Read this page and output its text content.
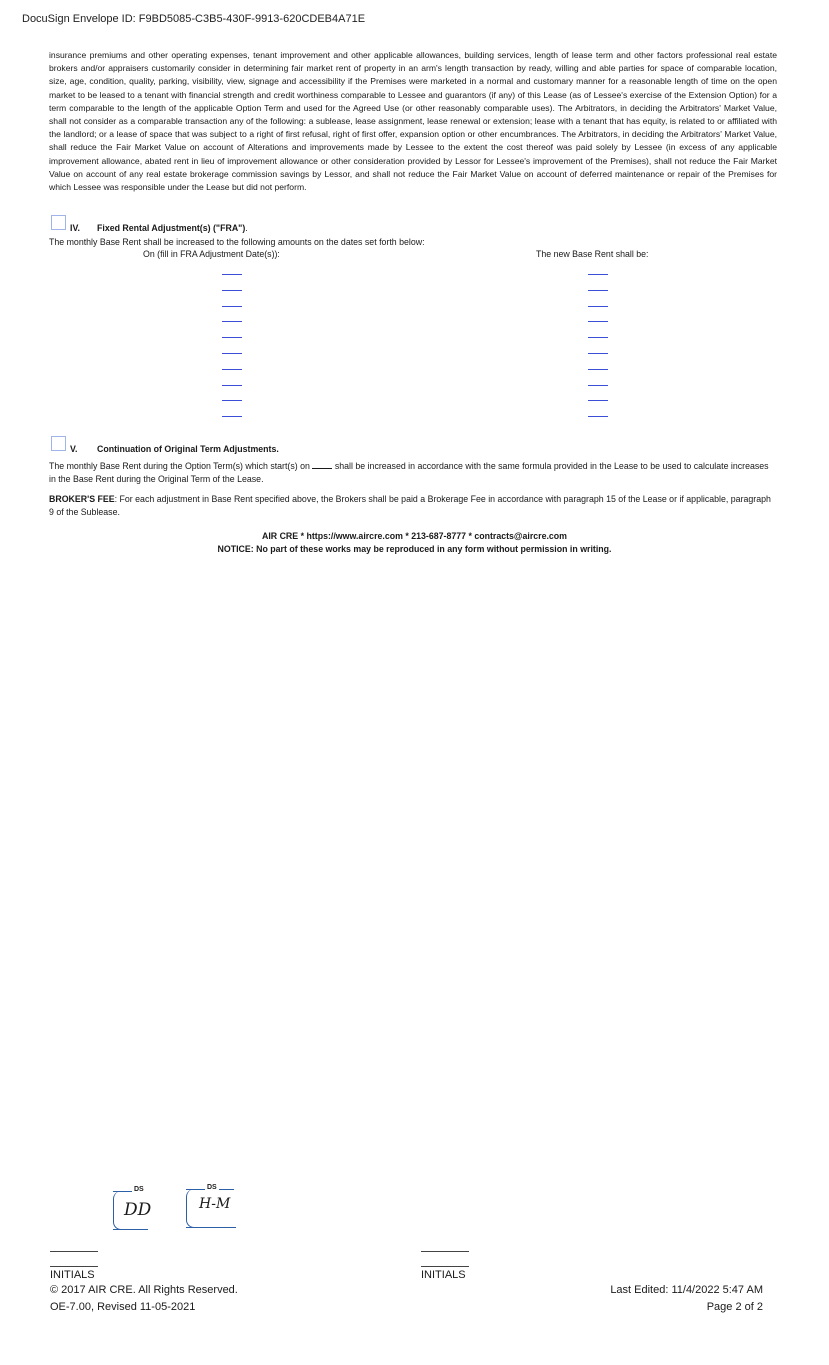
DocuSign Envelope ID: F9BD5085-C3B5-430F-9913-620CDEB4A71E

insurance premiums and other operating expenses, tenant improvement and other applicable allowances, building services, length of lease term and other factors professional real estate brokers and/or appraisers customarily consider in determining fair market rent of property in an arm's length transaction by ready, willing and able parties for space of comparable location, size, age, condition, quality, parking, visibility, view, signage and accessibility if the Premises were marketed in a normal and customary manner for a reasonable length of time on the open market to be leased to a tenant with financial strength and credit worthiness comparable to Lessee and guarantors (if any) of this Lease (as of Lessee's exercise of the Extension Option) for a term comparable to the length of the applicable Option Term and used for the Agreed Use (or other reasonably comparable uses). The Arbitrators, in deciding the Arbitrators' Market Value, shall not consider as a comparable transaction any of the following: a sublease, lease assignment, lease renewal or extension; lease with a tenant that has equity, is related to or affiliated with the landlord; or a lease of space that was subject to a right of first refusal, right of first offer, expansion option or other encumbrances. The Arbitrators, in deciding the Arbitrators' Market Value, shall reduce the Fair Market Value on account of Alterations and improvements made by Lessee to the extent the cost thereof was paid solely by Lessee (in excess of any applicable improvement allowance, abated rent in lieu of improvement allowance or other consideration provided by Lessor for Lessee's improvement of the Premises), shall not reduce the Fair Market Value on account of any real estate brokerage commission savings by Lessor, and shall not reduce the Fair Market Value on account of deferred maintenance or repair of the Premises for which Lessee was responsible under the Lease but did not perform.

IV. Fixed Rental Adjustment(s) ("FRA").

The monthly Base Rent shall be increased to the following amounts on the dates set forth below:

On (fill in FRA Adjustment Date(s)):	The new Base Rent shall be:
V. Continuation of Original Term Adjustments.

The monthly Base Rent during the Option Term(s) which start(s) on	shall be increased in accordance with the same formula provided in the Lease to be used to calculate increases in the Base Rent during the Original Term of the Lease.

BROKER'S FEE: For each adjustment in Base Rent specified above, the Brokers shall be paid a Brokerage Fee in accordance with paragraph 15 of the Lease or if applicable, paragraph 9 of the Sublease.

AIR CRE * https://www.aircre.com * 213-687-8777 * contracts@aircre.com
NOTICE: No part of these works may be reproduced in any form without permission in writing.
DS
DD
DS
H-M
INITIALS	INITIALS
© 2017 AIR CRE. All Rights Reserved.
OE-7.00, Revised 11-05-2021
Last Edited: 11/4/2022 5:47 AM
Page 2 of 2
